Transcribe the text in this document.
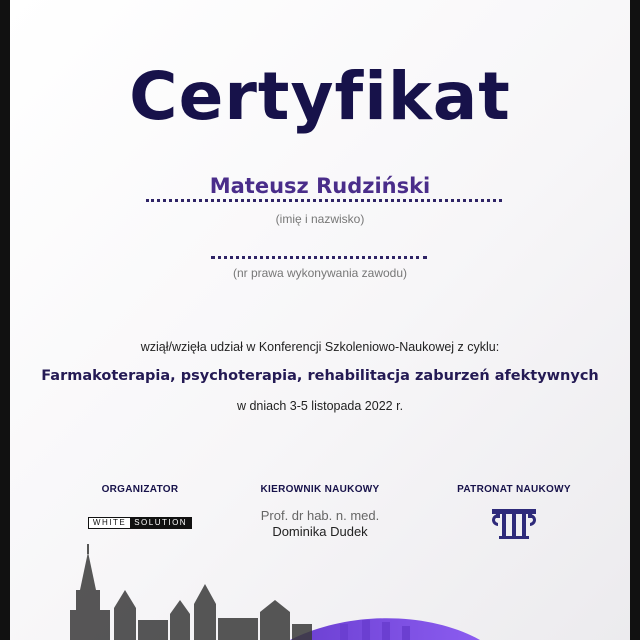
Certyfikat
Mateusz Rudziński
(imię i nazwisko)
(nr prawa wykonywania zawodu)
wziął/wzięła udział w Konferencji Szkoleniowo-Naukowej z cyklu:
Farmakoterapia, psychoterapia, rehabilitacja zaburzeń afektywnych
w dniach 3-5 listopada 2022 r.
ORGANIZATOR
WHITE SOLUTION
KIEROWNIK NAUKOWY
Prof. dr hab. n. med.
Dominika Dudek
PATRONAT NAUKOWY
